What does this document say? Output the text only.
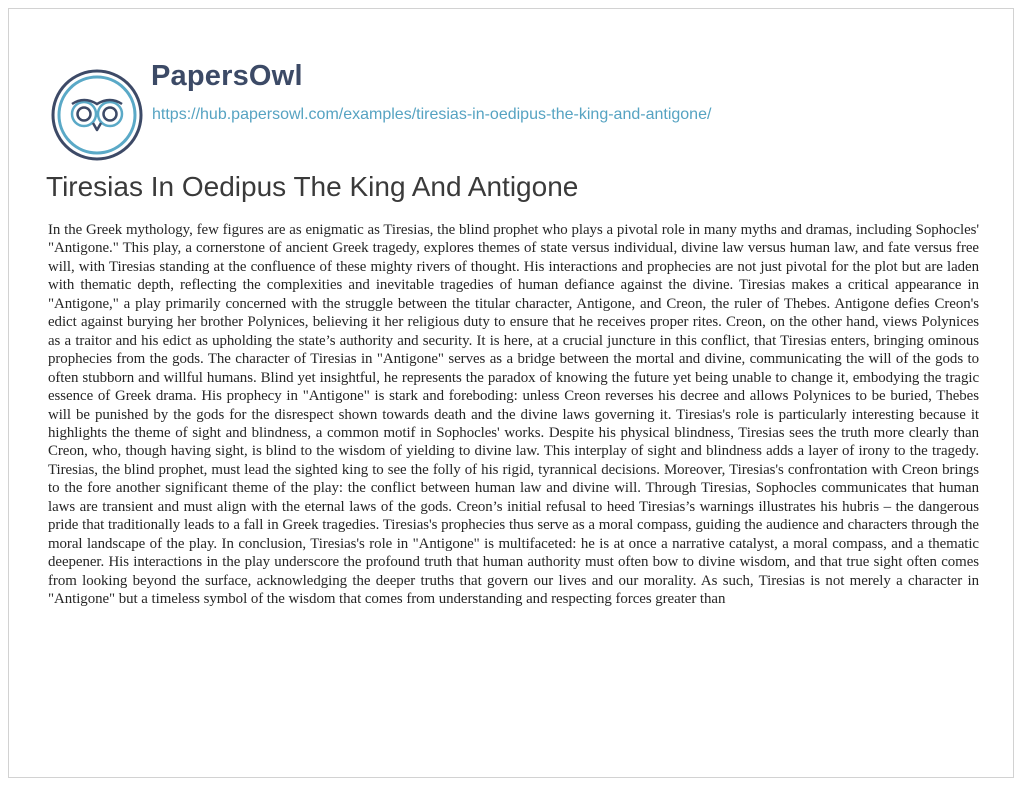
PapersOwl
https://hub.papersowl.com/examples/tiresias-in-oedipus-the-king-and-antigone/
Tiresias In Oedipus The King And Antigone

In the Greek mythology, few figures are as enigmatic as Tiresias, the blind prophet who plays a pivotal role in many myths and dramas, including Sophocles' "Antigone." This play, a cornerstone of ancient Greek tragedy, explores themes of state versus individual, divine law versus human law, and fate versus free will, with Tiresias standing at the confluence of these mighty rivers of thought. His interactions and prophecies are not just pivotal for the plot but are laden with thematic depth, reflecting the complexities and inevitable tragedies of human defiance against the divine. Tiresias makes a critical appearance in "Antigone," a play primarily concerned with the struggle between the titular character, Antigone, and Creon, the ruler of Thebes. Antigone defies Creon's edict against burying her brother Polynices, believing it her religious duty to ensure that he receives proper rites. Creon, on the other hand, views Polynices as a traitor and his edict as upholding the state’s authority and security. It is here, at a crucial juncture in this conflict, that Tiresias enters, bringing ominous prophecies from the gods. The character of Tiresias in "Antigone" serves as a bridge between the mortal and divine, communicating the will of the gods to often stubborn and willful humans. Blind yet insightful, he represents the paradox of knowing the future yet being unable to change it, embodying the tragic essence of Greek drama. His prophecy in "Antigone" is stark and foreboding: unless Creon reverses his decree and allows Polynices to be buried, Thebes will be punished by the gods for the disrespect shown towards death and the divine laws governing it. Tiresias's role is particularly interesting because it highlights the theme of sight and blindness, a common motif in Sophocles' works. Despite his physical blindness, Tiresias sees the truth more clearly than Creon, who, though having sight, is blind to the wisdom of yielding to divine law. This interplay of sight and blindness adds a layer of irony to the tragedy. Tiresias, the blind prophet, must lead the sighted king to see the folly of his rigid, tyrannical decisions. Moreover, Tiresias's confrontation with Creon brings to the fore another significant theme of the play: the conflict between human law and divine will. Through Tiresias, Sophocles communicates that human laws are transient and must align with the eternal laws of the gods. Creon’s initial refusal to heed Tiresias’s warnings illustrates his hubris – the dangerous pride that traditionally leads to a fall in Greek tragedies. Tiresias's prophecies thus serve as a moral compass, guiding the audience and characters through the moral landscape of the play. In conclusion, Tiresias's role in "Antigone" is multifaceted: he is at once a narrative catalyst, a moral compass, and a thematic deepener. His interactions in the play underscore the profound truth that human authority must often bow to divine wisdom, and that true sight often comes from looking beyond the surface, acknowledging the deeper truths that govern our lives and our morality. As such, Tiresias is not merely a character in "Antigone" but a timeless symbol of the wisdom that comes from understanding and respecting forces greater than
